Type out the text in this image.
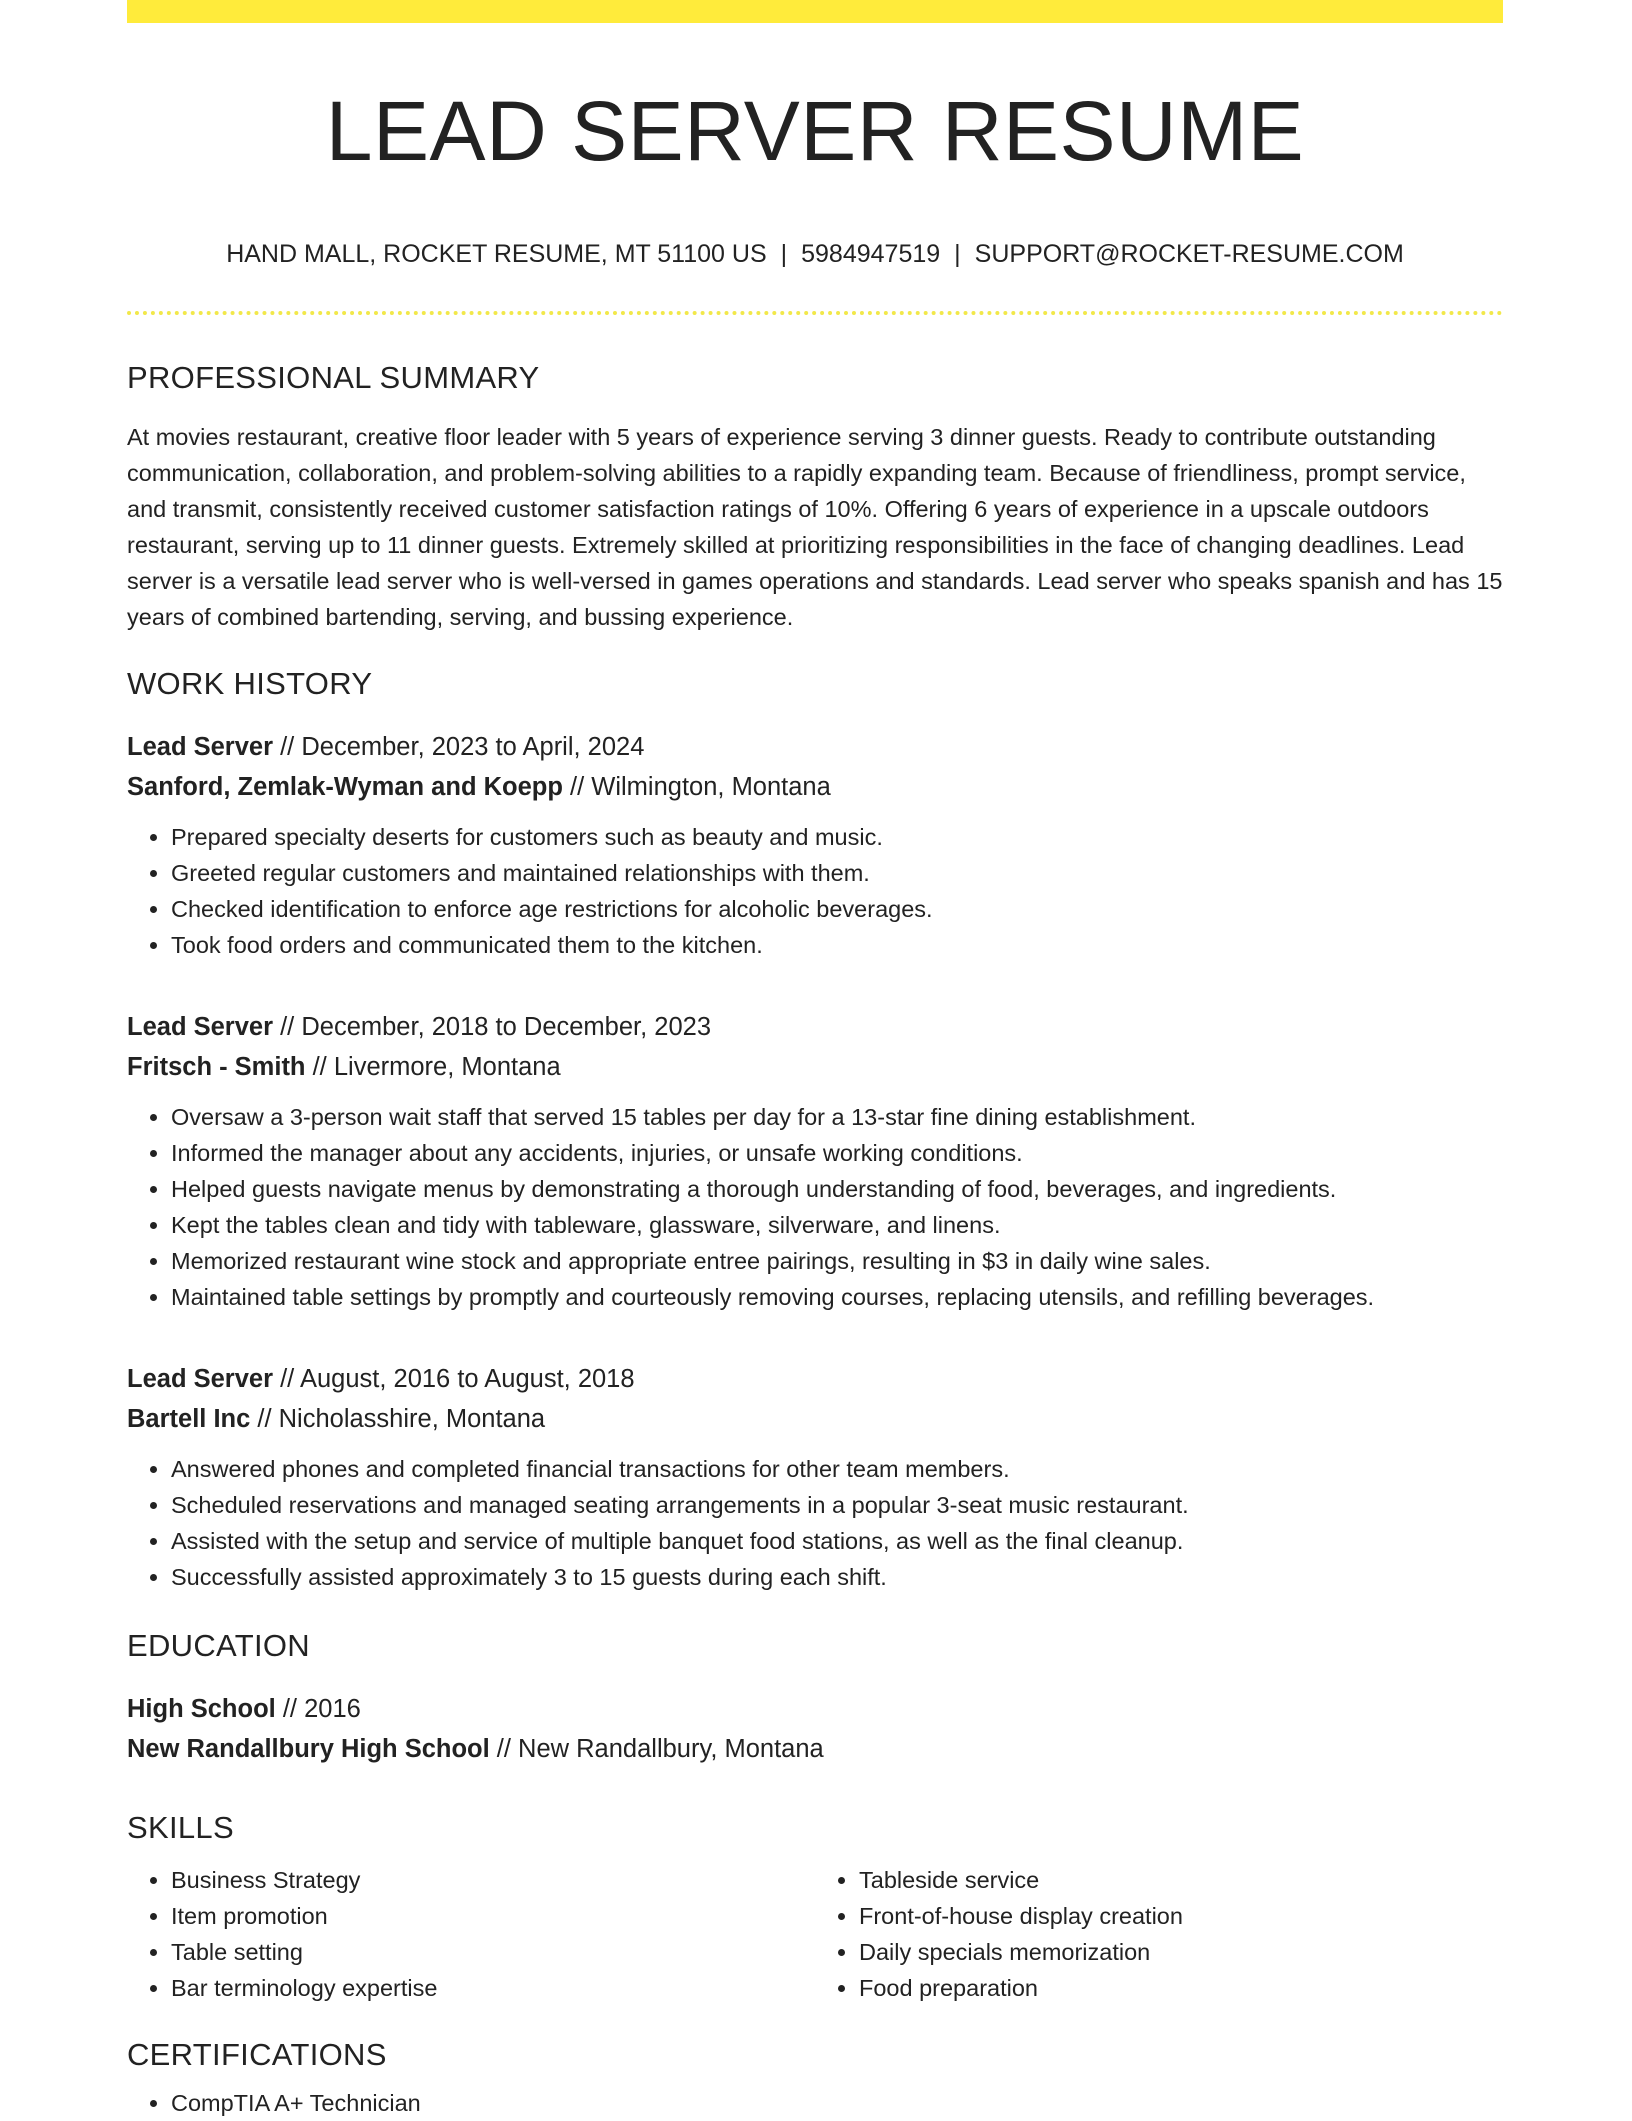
LEAD SERVER RESUME
HAND MALL, ROCKET RESUME, MT 51100 US | 5984947519 | SUPPORT@ROCKET-RESUME.COM
PROFESSIONAL SUMMARY
At movies restaurant, creative floor leader with 5 years of experience serving 3 dinner guests. Ready to contribute outstanding communication, collaboration, and problem-solving abilities to a rapidly expanding team. Because of friendliness, prompt service, and transmit, consistently received customer satisfaction ratings of 10%. Offering 6 years of experience in a upscale outdoors restaurant, serving up to 11 dinner guests. Extremely skilled at prioritizing responsibilities in the face of changing deadlines. Lead server is a versatile lead server who is well-versed in games operations and standards. Lead server who speaks spanish and has 15 years of combined bartending, serving, and bussing experience.
WORK HISTORY
Lead Server // December, 2023 to April, 2024
Sanford, Zemlak-Wyman and Koepp // Wilmington, Montana
• Prepared specialty deserts for customers such as beauty and music.
• Greeted regular customers and maintained relationships with them.
• Checked identification to enforce age restrictions for alcoholic beverages.
• Took food orders and communicated them to the kitchen.
Lead Server // December, 2018 to December, 2023
Fritsch - Smith // Livermore, Montana
• Oversaw a 3-person wait staff that served 15 tables per day for a 13-star fine dining establishment.
• Informed the manager about any accidents, injuries, or unsafe working conditions.
• Helped guests navigate menus by demonstrating a thorough understanding of food, beverages, and ingredients.
• Kept the tables clean and tidy with tableware, glassware, silverware, and linens.
• Memorized restaurant wine stock and appropriate entree pairings, resulting in $3 in daily wine sales.
• Maintained table settings by promptly and courteously removing courses, replacing utensils, and refilling beverages.
Lead Server // August, 2016 to August, 2018
Bartell Inc // Nicholasshire, Montana
• Answered phones and completed financial transactions for other team members.
• Scheduled reservations and managed seating arrangements in a popular 3-seat music restaurant.
• Assisted with the setup and service of multiple banquet food stations, as well as the final cleanup.
• Successfully assisted approximately 3 to 15 guests during each shift.
EDUCATION
High School // 2016
New Randallbury High School // New Randallbury, Montana
SKILLS
• Business Strategy
• Item promotion
• Table setting
• Bar terminology expertise
• Tableside service
• Front-of-house display creation
• Daily specials memorization
• Food preparation
CERTIFICATIONS
• CompTIA A+ Technician
